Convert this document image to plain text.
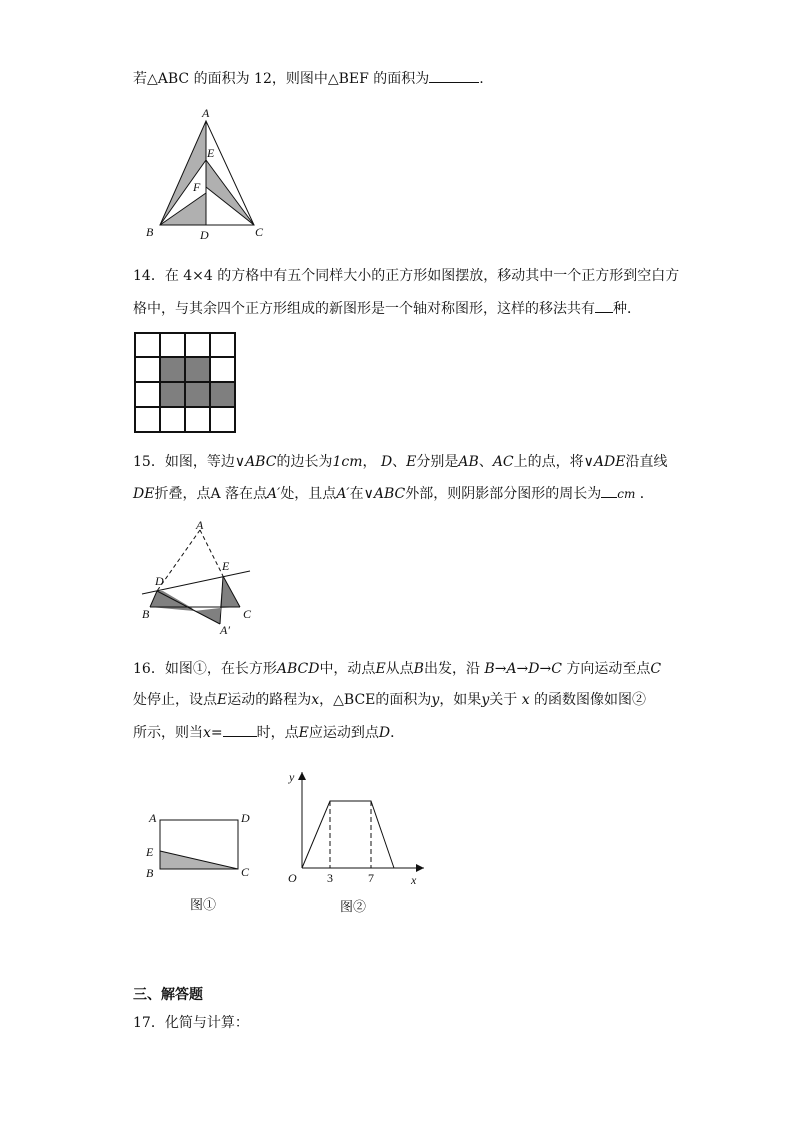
若△ABC 的面积为 12，则图中△BEF 的面积为	.
A
E
F
B	D	C
14．在 4×4 的方格中有五个同样大小的正方形如图摆放，移动其中一个正方形到空白方
格中，与其余四个正方形组成的新图形是一个轴对称图形，这样的移法共有 种．
15．如图，等边∨ABC的边长为1cm， D、E分别是AB、AC上的点，将∨ADE沿直线
DE折叠，点A 落在点A′处，且点A′在∨ABC外部，则阴影部分图形的周长为 cm ．
A
D
E
B	C
A′
16．如图①，在长方形ABCD中，动点E从点B出发，沿 B→A→D→C 方向运动至点C
处停止，设点E运动的路程为x，△BCE的面积为y，如果y关于 x 的函数图像如图②
所示，则当x= 时，点E应运动到点D．
A	D
E
B	C
图①
y
x
O	3	7
图②
三、解答题
17．化简与计算：
